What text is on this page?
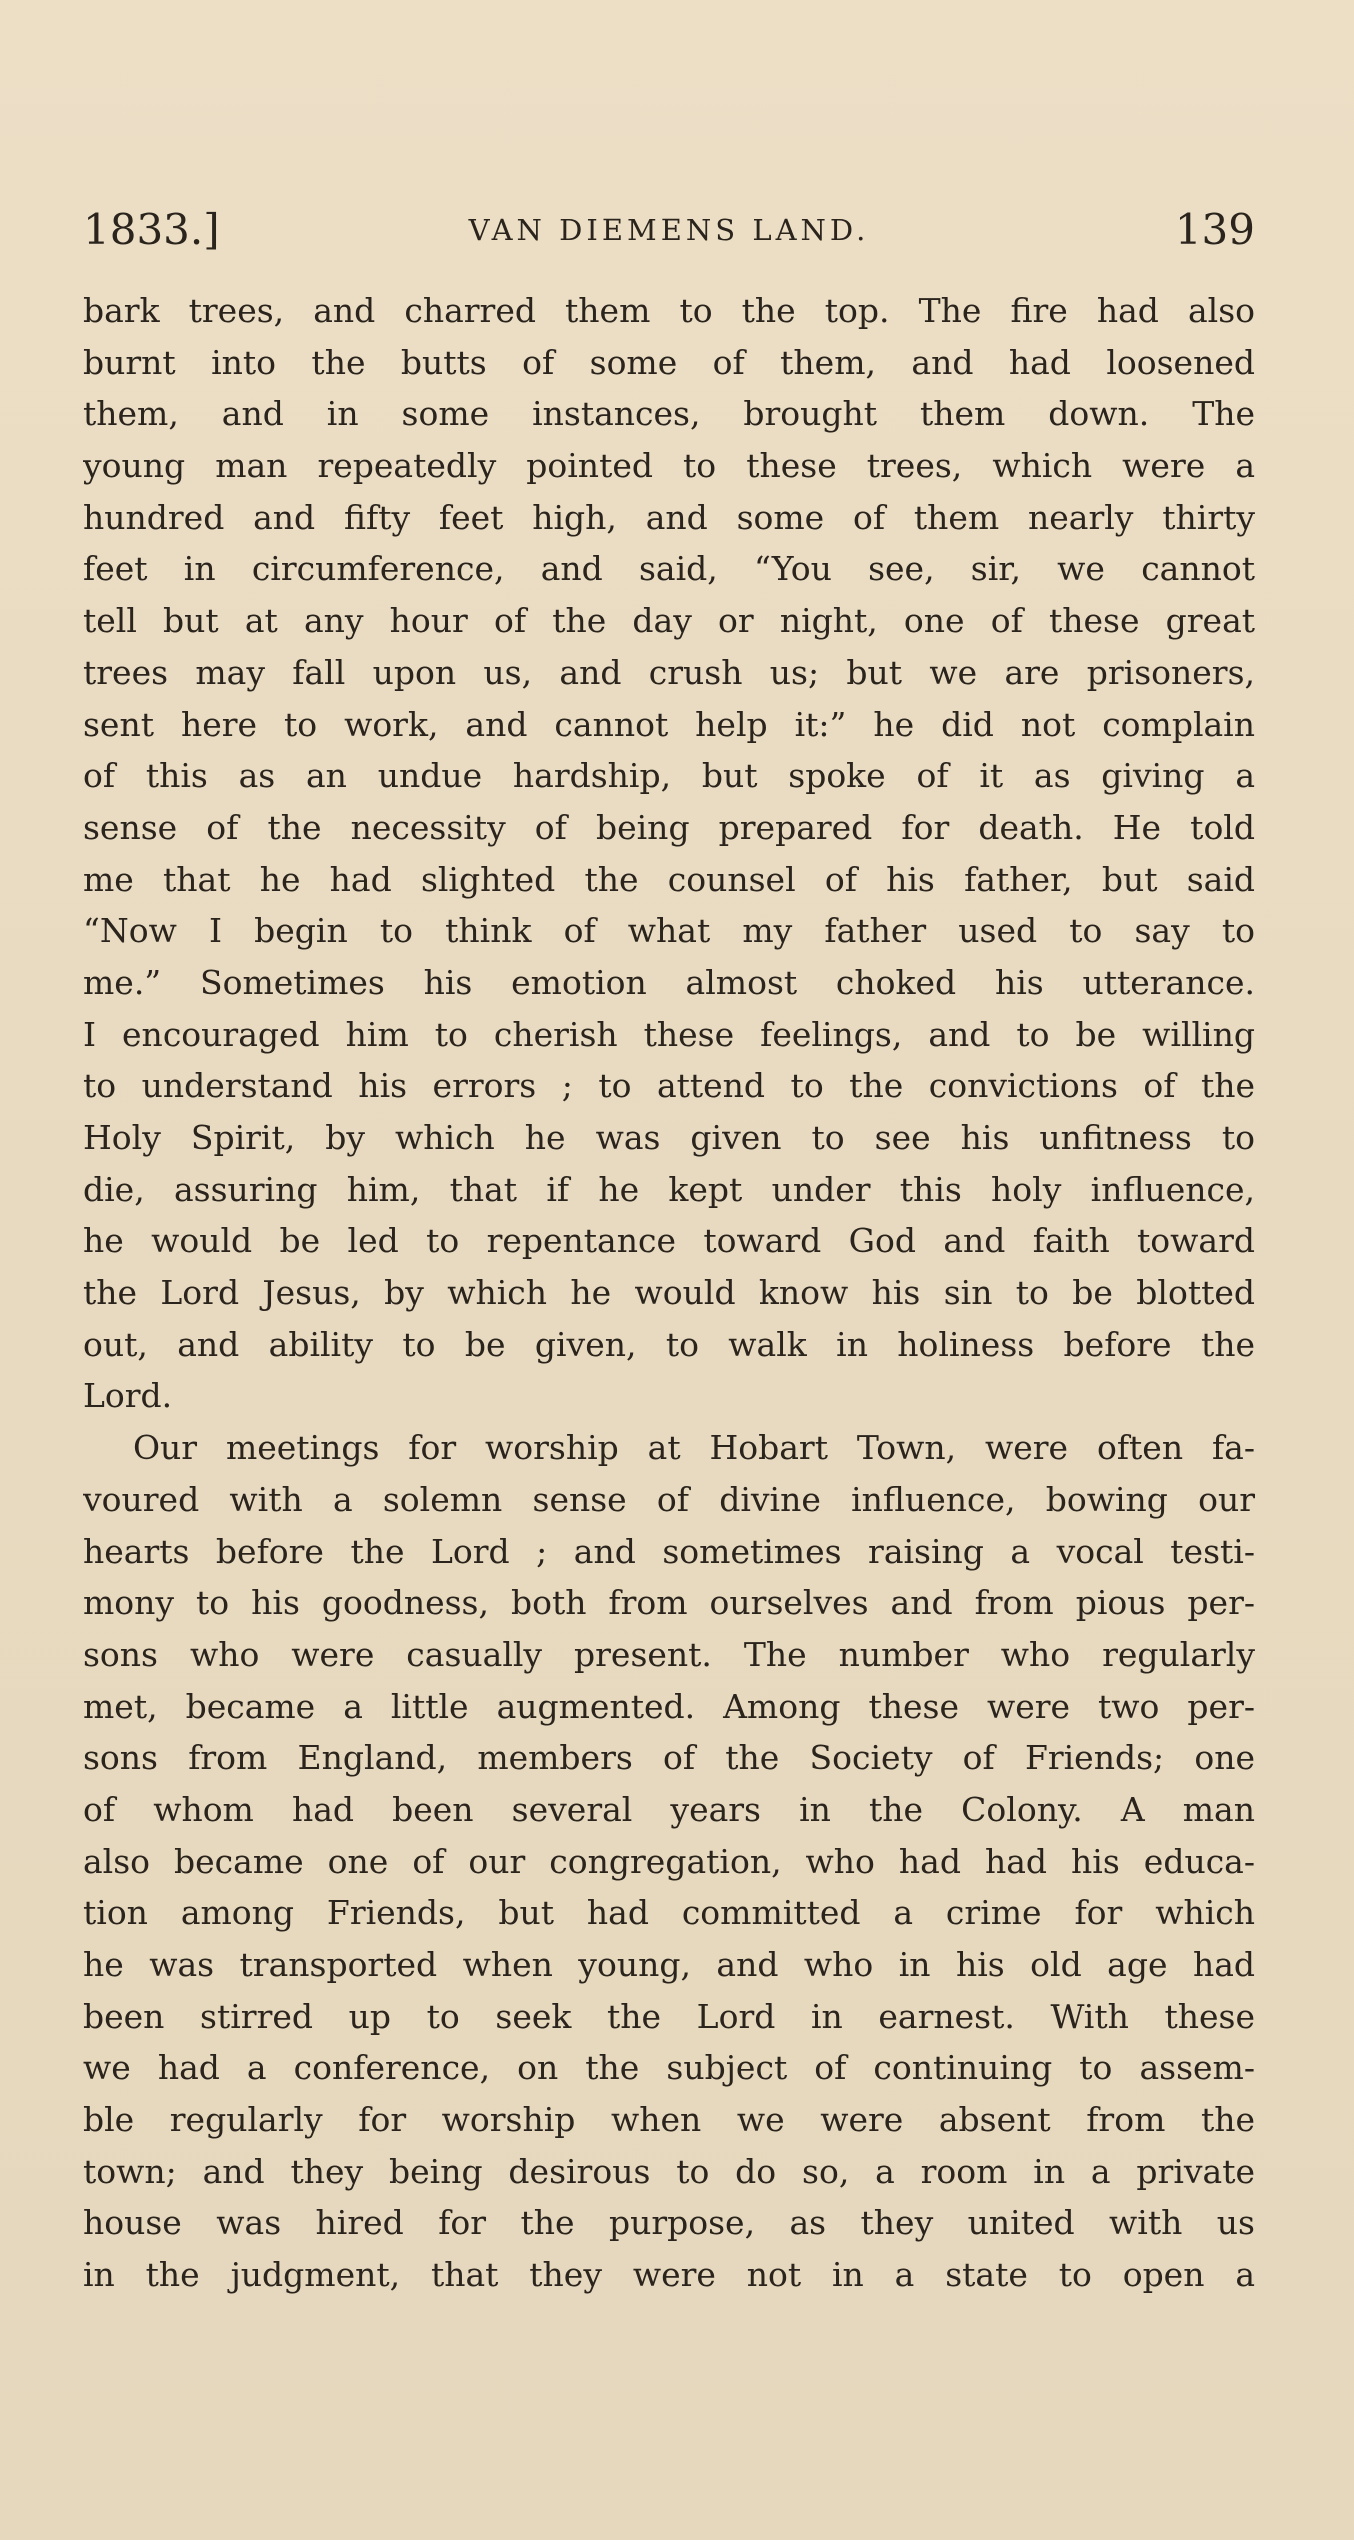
1833.]	VAN DIEMENS LAND.	139
bark trees, and charred them to the top. The fire had also
burnt into the butts of some of them, and had loosened
them, and in some instances, brought them down. The
young man repeatedly pointed to these trees, which were a
hundred and fifty feet high, and some of them nearly thirty
feet in circumference, and said, “You see, sir, we cannot
tell but at any hour of the day or night, one of these great
trees may fall upon us, and crush us; but we are prisoners,
sent here to work, and cannot help it:” he did not complain
of this as an undue hardship, but spoke of it as giving a
sense of the necessity of being prepared for death. He told
me that he had slighted the counsel of his father, but said
“Now I begin to think of what my father used to say to
me.” Sometimes his emotion almost choked his utterance.
I encouraged him to cherish these feelings, and to be willing
to understand his errors ; to attend to the convictions of the
Holy Spirit, by which he was given to see his unfitness to
die, assuring him, that if he kept under this holy influence,
he would be led to repentance toward God and faith toward
the Lord Jesus, by which he would know his sin to be blotted
out, and ability to be given, to walk in holiness before the
Lord.
Our meetings for worship at Hobart Town, were often fa-
voured with a solemn sense of divine influence, bowing our
hearts before the Lord ; and sometimes raising a vocal testi-
mony to his goodness, both from ourselves and from pious per-
sons who were casually present. The number who regularly
met, became a little augmented. Among these were two per-
sons from England, members of the Society of Friends; one
of whom had been several years in the Colony. A man
also became one of our congregation, who had had his educa-
tion among Friends, but had committed a crime for which
he was transported when young, and who in his old age had
been stirred up to seek the Lord in earnest. With these
we had a conference, on the subject of continuing to assem-
ble regularly for worship when we were absent from the
town; and they being desirous to do so, a room in a private
house was hired for the purpose, as they united with us
in the judgment, that they were not in a state to open a
